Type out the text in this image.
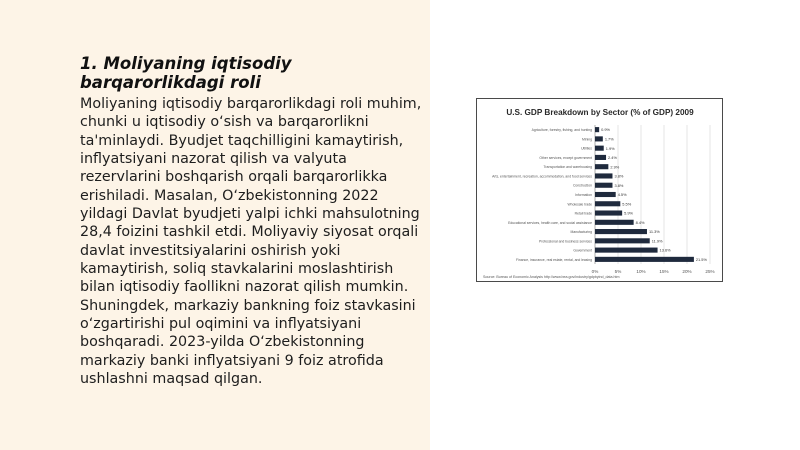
1. Moliyaning iqtisodiy barqarorlikdagi roli

Moliyaning iqtisodiy barqarorlikdagi roli muhim, chunki u iqtisodiy o‘sish va barqarorlikni ta'minlaydi. Byudjet taqchilligini kamaytirish, inflyatsiyani nazorat qilish va valyuta rezervlarini boshqarish orqali barqarorlikka erishiladi. Masalan, O‘zbekistonning 2022 yildagi Davlat byudjeti yalpi ichki mahsulotning 28,4 foizini tashkil etdi. Moliyaviy siyosat orqali davlat investitsiyalarini oshirish yoki kamaytirish, soliq stavkalarini moslashtirish bilan iqtisodiy faollikni nazorat qilish mumkin. Shuningdek, markaziy bankning foiz stavkasini o‘zgartirishi pul oqimini va inflyatsiyani boshqaradi. 2023-yilda O‘zbekistonning markaziy banki inflyatsiyani 9 foiz atrofida ushlashni maqsad qilgan.

U.S. GDP Breakdown by Sector (% of GDP) 2009
0%	5%	10%	15%	20%	25%
Agriculture, forestry, fishing, and hunting 0.9%
Mining	1.7%
Utilities	1.9%
Other services, except government	2.4%
Transportation and warehousing	2.9%
Arts, entertainment, recreation, accommodation, and food services	3.8%
Construction	3.8%
Information	4.5%
Wholesale trade	5.5%
Retail trade	5.9%
Educational services, health care, and social assistance	8.4%
Manufacturing	11.3%
Professional and business services	11.9%
Government	13.6%
Finance, insurance, real estate, rental, and leasing	21.5%
Source: Bureau of Economic Analysis http://www.bea.gov/industry/gdpbyind_data.htm
